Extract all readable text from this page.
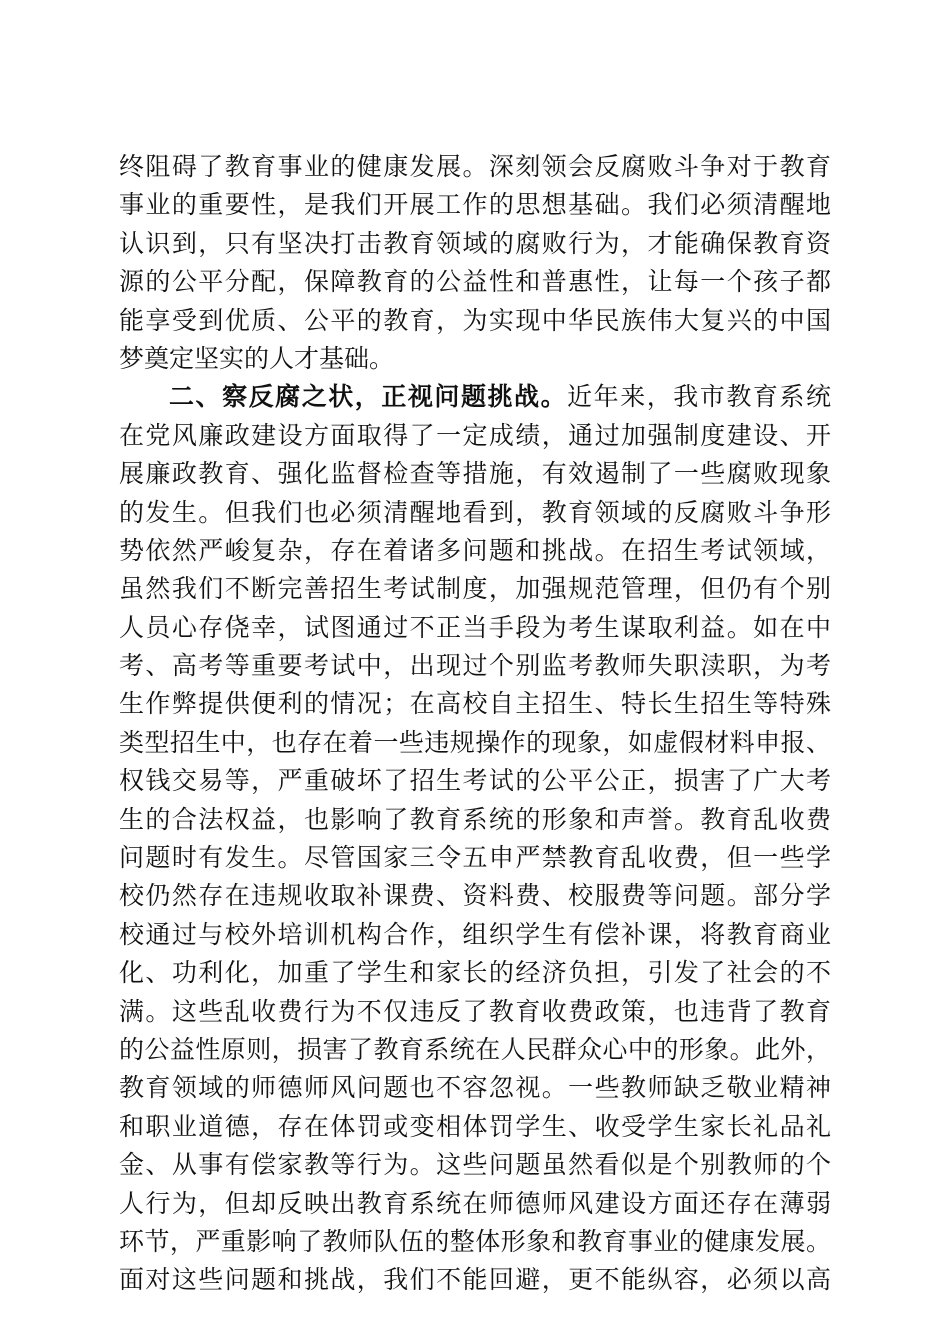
终阻碍了教育事业的健康发展。深刻领会反腐败斗争对于教育
事业的重要性，是我们开展工作的思想基础。我们必须清醒地
认识到，只有坚决打击教育领域的腐败行为，才能确保教育资
源的公平分配，保障教育的公益性和普惠性，让每一个孩子都
能享受到优质、公平的教育，为实现中华民族伟大复兴的中国
梦奠定坚实的人才基础。
二、察反腐之状，正视问题挑战。近年来，我市教育系统
在党风廉政建设方面取得了一定成绩，通过加强制度建设、开
展廉政教育、强化监督检查等措施，有效遏制了一些腐败现象
的发生。但我们也必须清醒地看到，教育领域的反腐败斗争形
势依然严峻复杂，存在着诸多问题和挑战。在招生考试领域，
虽然我们不断完善招生考试制度，加强规范管理，但仍有个别
人员心存侥幸，试图通过不正当手段为考生谋取利益。如在中
考、高考等重要考试中，出现过个别监考教师失职渎职，为考
生作弊提供便利的情况；在高校自主招生、特长生招生等特殊
类型招生中，也存在着一些违规操作的现象，如虚假材料申报、
权钱交易等，严重破坏了招生考试的公平公正，损害了广大考
生的合法权益，也影响了教育系统的形象和声誉。教育乱收费
问题时有发生。尽管国家三令五申严禁教育乱收费，但一些学
校仍然存在违规收取补课费、资料费、校服费等问题。部分学
校通过与校外培训机构合作，组织学生有偿补课，将教育商业
化、功利化，加重了学生和家长的经济负担，引发了社会的不
满。这些乱收费行为不仅违反了教育收费政策，也违背了教育
的公益性原则，损害了教育系统在人民群众心中的形象。此外，
教育领域的师德师风问题也不容忽视。一些教师缺乏敬业精神
和职业道德，存在体罚或变相体罚学生、收受学生家长礼品礼
金、从事有偿家教等行为。这些问题虽然看似是个别教师的个
人行为，但却反映出教育系统在师德师风建设方面还存在薄弱
环节，严重影响了教师队伍的整体形象和教育事业的健康发展。
面对这些问题和挑战，我们不能回避，更不能纵容，必须以高
